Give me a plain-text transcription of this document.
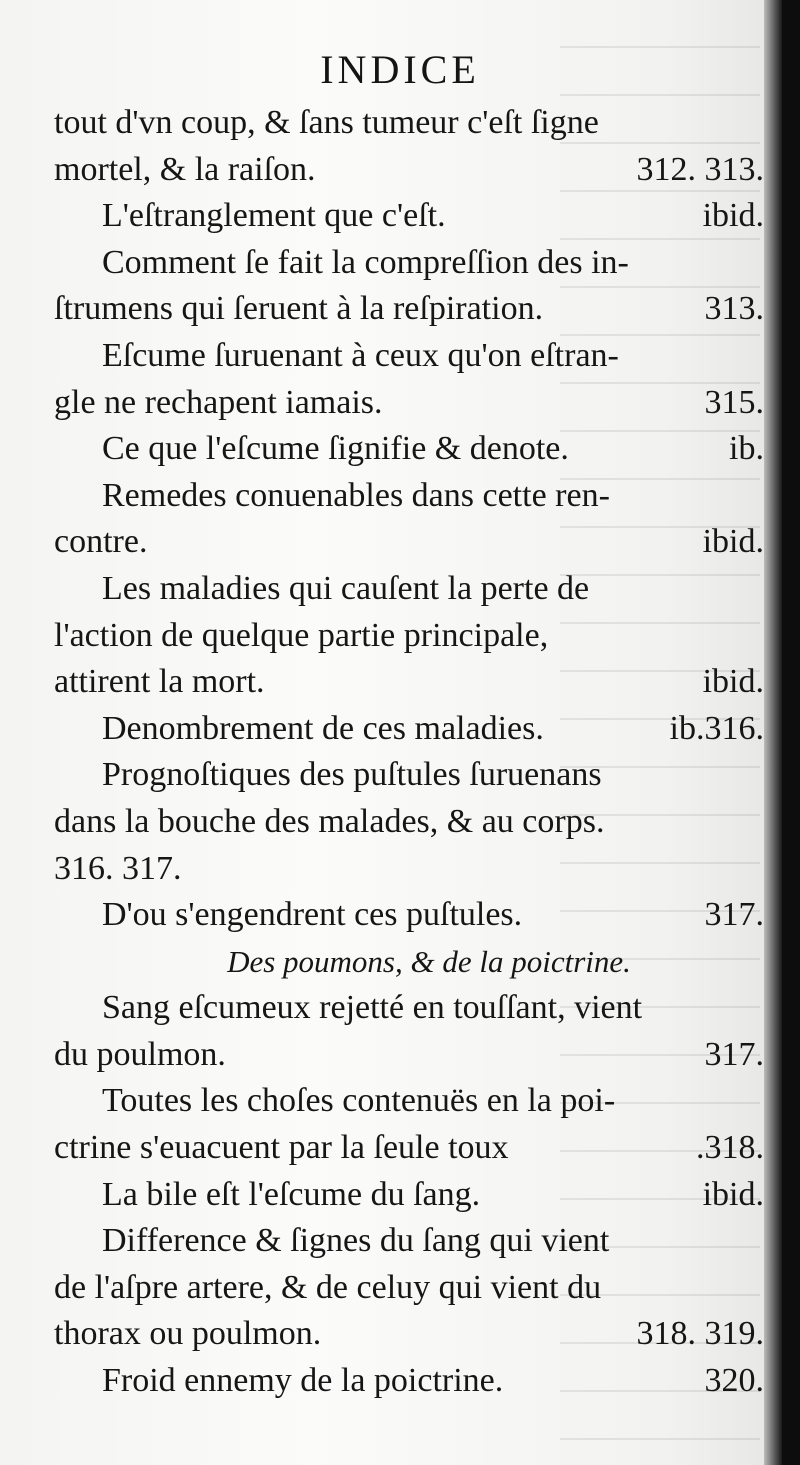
INDICE
tout d'vn coup, & ſans tumeur c'eſt ſigne
mortel, & la raiſon.	312. 313.
L'eſtranglement que c'eſt.	ibid.
Comment ſe fait la compreſſion des in-
ſtrumens qui ſeruent à la reſpiration.	313.
Eſcume ſuruenant à ceux qu'on eſtran-
gle ne rechapent iamais.	315.
Ce que l'eſcume ſignifie & denote.	ib.
Remedes conuenables dans cette ren-
contre.	ibid.
Les maladies qui cauſent la perte de
l'action de quelque partie principale,
attirent la mort.	ibid.
Denombrement de ces maladies.	ib.316.
Prognoſtiques des puſtules ſuruenans
dans la bouche des malades, & au corps.
316. 317.
D'ou s'engendrent ces puſtules.	317.
Des poumons, & de la poictrine.
Sang eſcumeux rejetté en touſſant, vient
du poulmon.	317.
Toutes les choſes contenuës en la poi-
ctrine s'euacuent par la ſeule toux	.318.
La bile eſt l'eſcume du ſang.	ibid.
Difference & ſignes du ſang qui vient
de l'aſpre artere, & de celuy qui vient du
thorax ou poulmon.	318. 319.
Froid ennemy de la poictrine.	320.
